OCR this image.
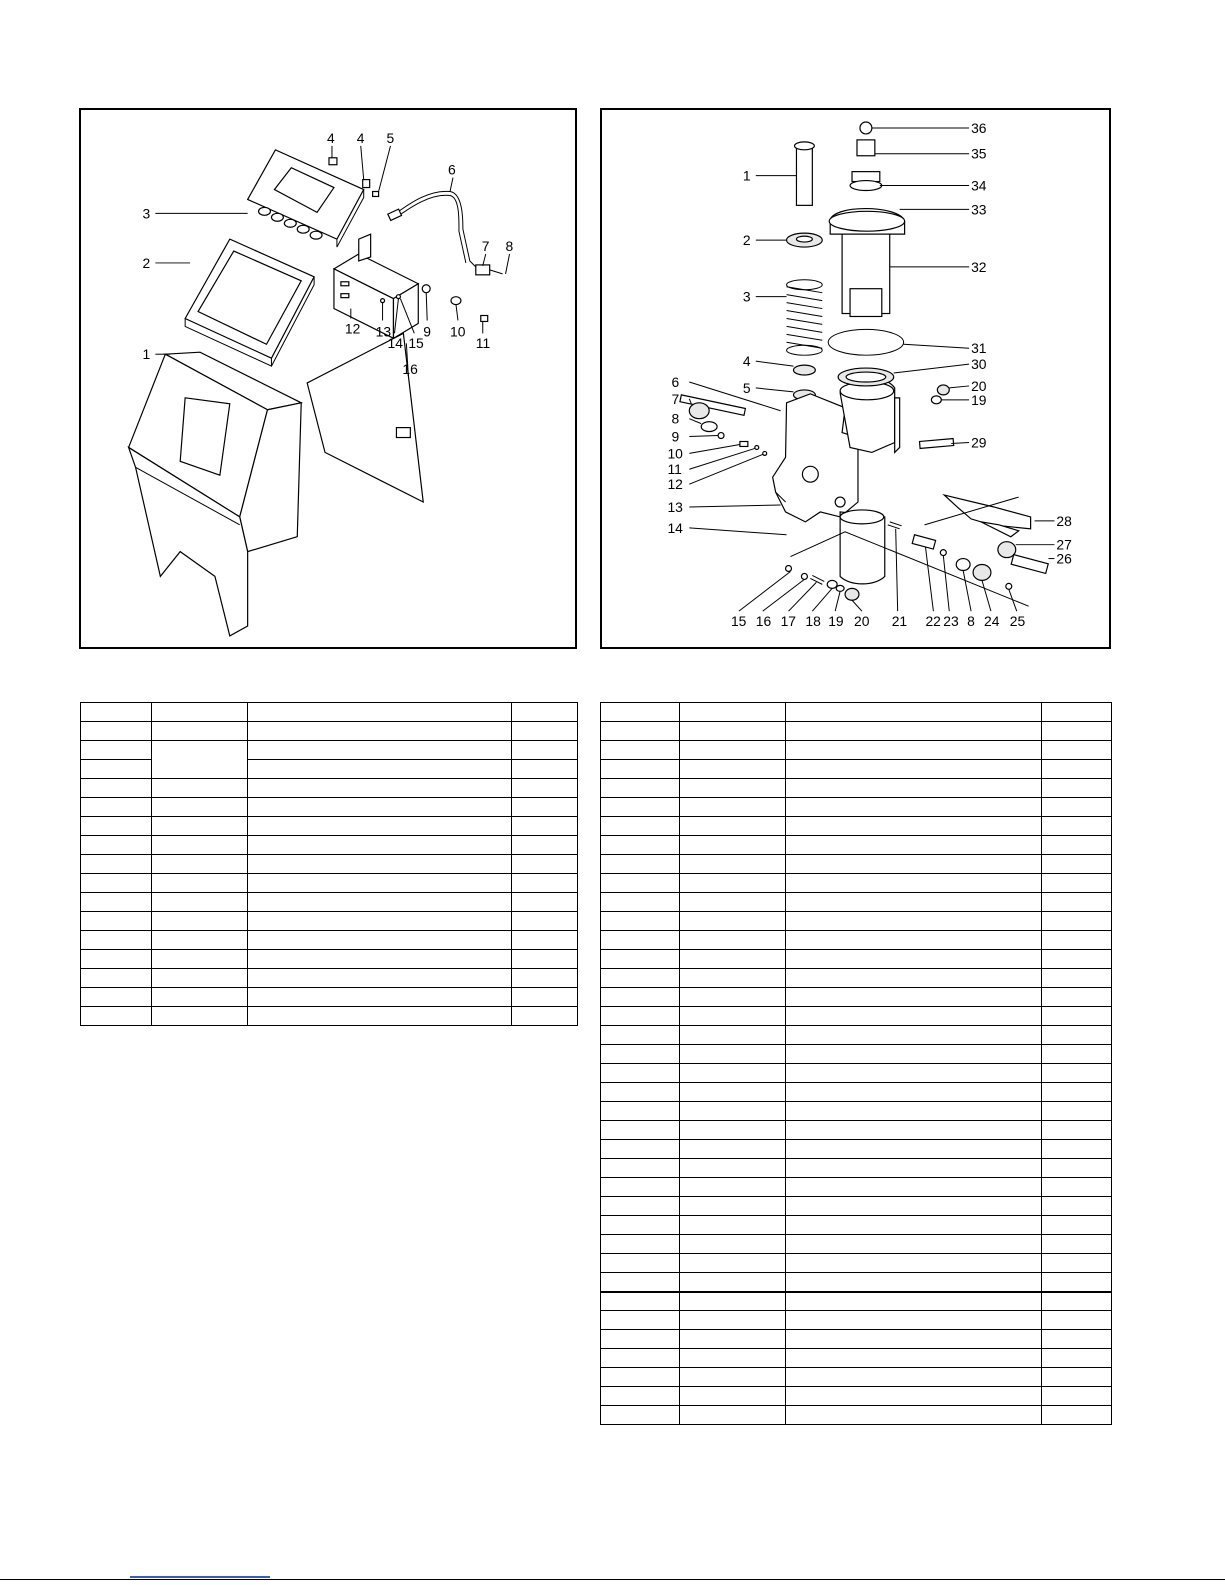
3
2
1
4 4 5
6
7 8
9 10
11
12 13
14 15
16
1
2
3
4
5
6
7
8
9
10
11
12
13
14
15 16 17 18 19 20 21 22 23 8 24 25
26
27
28
29
19
20
30
31
32
33
34
35
36
